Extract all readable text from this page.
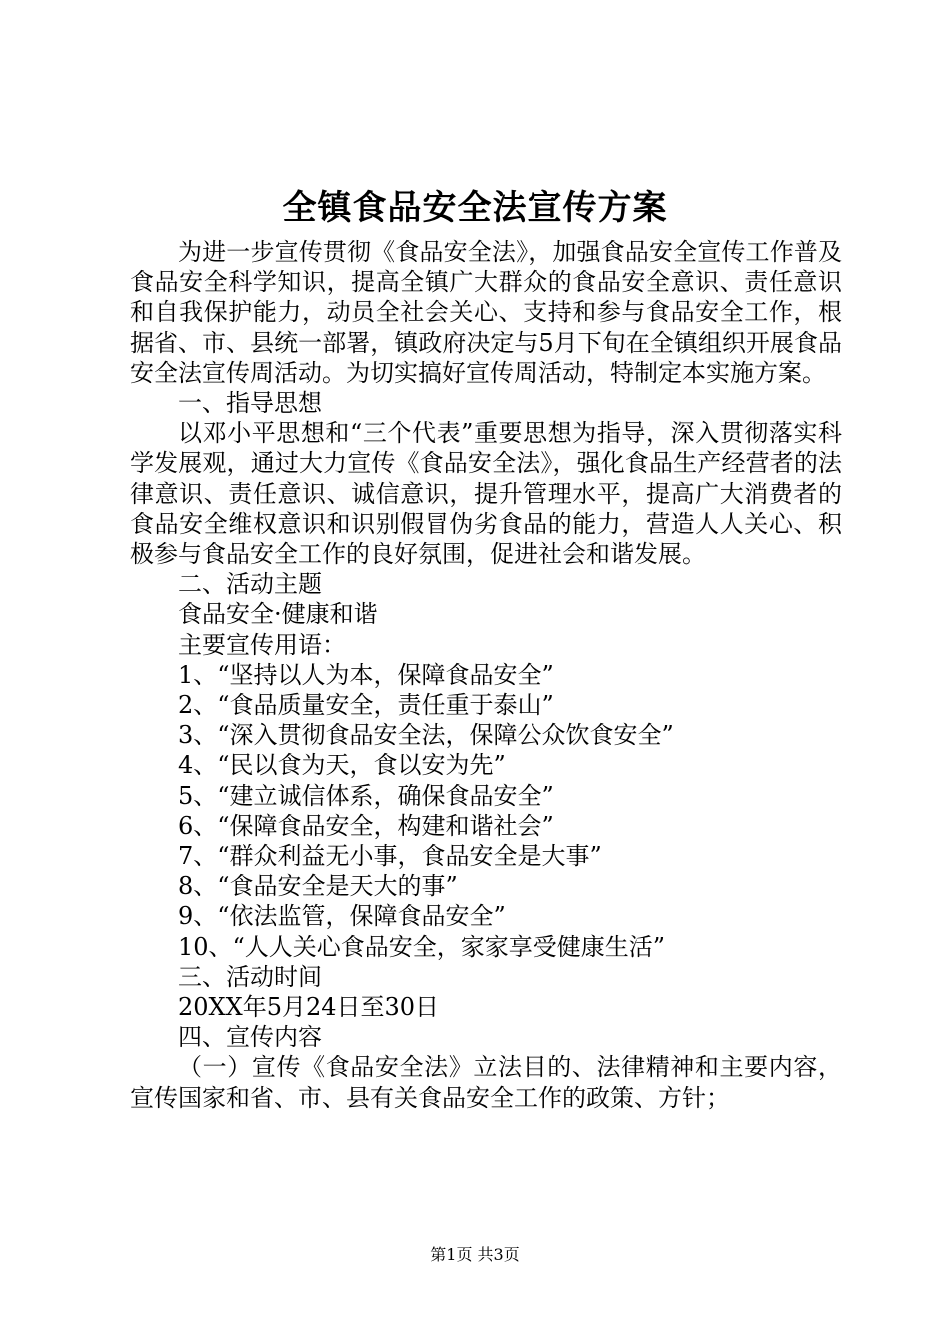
全镇食品安全法宣传方案

为进一步宣传贯彻《食品安全法》，加强食品安全宣传工作普及食品安全科学知识，提高全镇广大群众的食品安全意识、责任意识和自我保护能力，动员全社会关心、支持和参与食品安全工作，根据省、市、县统一部署，镇政府决定与5月下旬在全镇组织开展食品安全法宣传周活动。为切实搞好宣传周活动，特制定本实施方案。

一、指导思想

以邓小平思想和“三个代表”重要思想为指导，深入贯彻落实科学发展观，通过大力宣传《食品安全法》，强化食品生产经营者的法律意识、责任意识、诚信意识，提升管理水平，提高广大消费者的食品安全维权意识和识别假冒伪劣食品的能力，营造人人关心、积极参与食品安全工作的良好氛围，促进社会和谐发展。

二、活动主题

食品安全·健康和谐

主要宣传用语：

1、“坚持以人为本，保障食品安全”

2、“食品质量安全，责任重于泰山”

3、“深入贯彻食品安全法，保障公众饮食安全”

4、“民以食为天，食以安为先”

5、“建立诚信体系，确保食品安全”

6、“保障食品安全，构建和谐社会”

7、“群众利益无小事，食品安全是大事”

8、“食品安全是天大的事”

9、“依法监管，保障食品安全”

10、“人人关心食品安全，家家享受健康生活”

三、活动时间

20XX年5月24日至30日

四、宣传内容

（一）宣传《食品安全法》立法目的、法律精神和主要内容，宣传国家和省、市、县有关食品安全工作的政策、方针；

第1页 共3页
